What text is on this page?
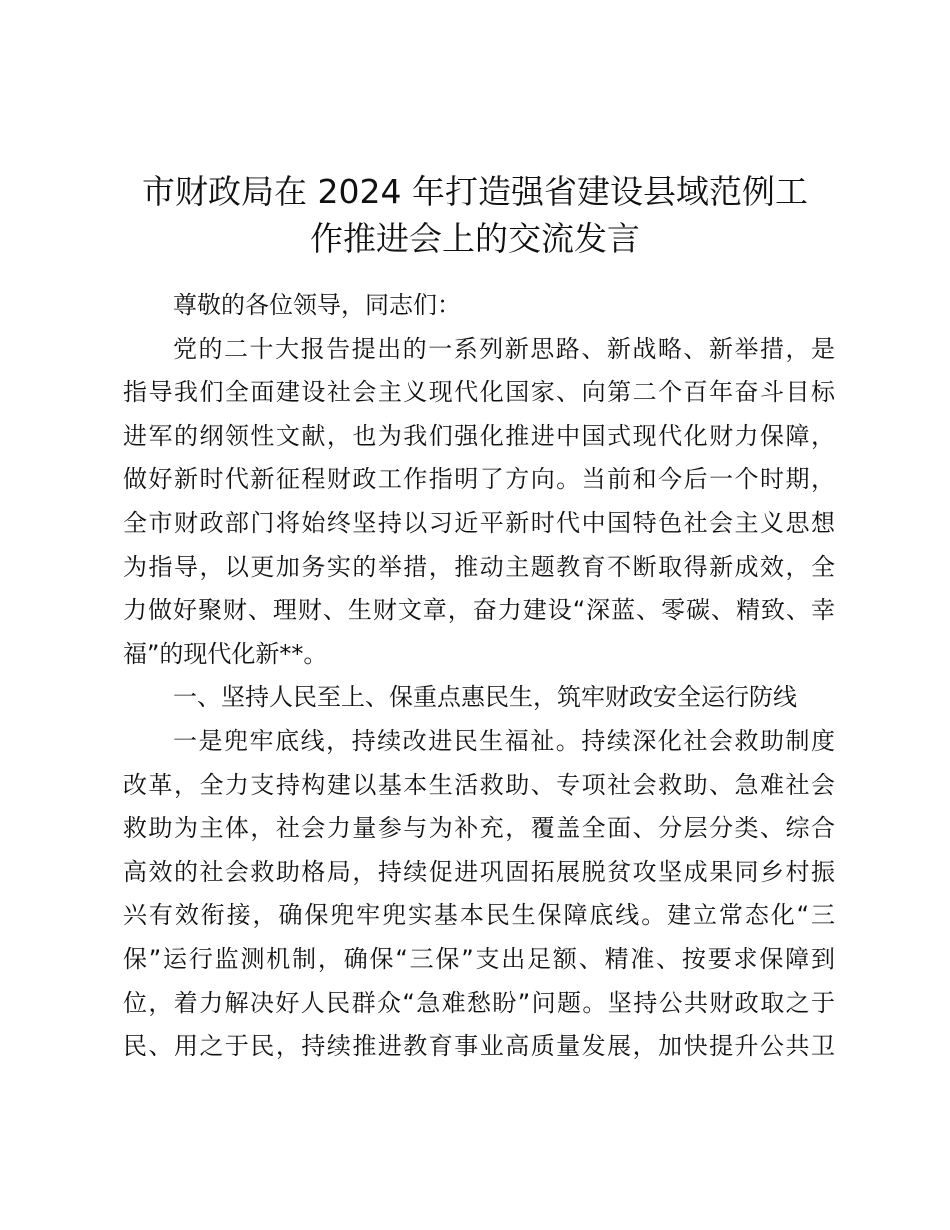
市财政局在 2024 年打造强省建设县域范例工
作推进会上的交流发言
尊敬的各位领导，同志们：
党的二十大报告提出的一系列新思路、新战略、新举措，是
指导我们全面建设社会主义现代化国家、向第二个百年奋斗目标
进军的纲领性文献，也为我们强化推进中国式现代化财力保障，
做好新时代新征程财政工作指明了方向。当前和今后一个时期，
全市财政部门将始终坚持以习近平新时代中国特色社会主义思想
为指导，以更加务实的举措，推动主题教育不断取得新成效，全
力做好聚财、理财、生财文章，奋力建设“深蓝、零碳、精致、幸
福”的现代化新**。
一、坚持人民至上、保重点惠民生，筑牢财政安全运行防线
一是兜牢底线，持续改进民生福祉。持续深化社会救助制度
改革，全力支持构建以基本生活救助、专项社会救助、急难社会
救助为主体，社会力量参与为补充，覆盖全面、分层分类、综合
高效的社会救助格局，持续促进巩固拓展脱贫攻坚成果同乡村振
兴有效衔接，确保兜牢兜实基本民生保障底线。建立常态化“三
保”运行监测机制，确保“三保”支出足额、精准、按要求保障到
位，着力解决好人民群众“急难愁盼”问题。坚持公共财政取之于
民、用之于民，持续推进教育事业高质量发展，加快提升公共卫
